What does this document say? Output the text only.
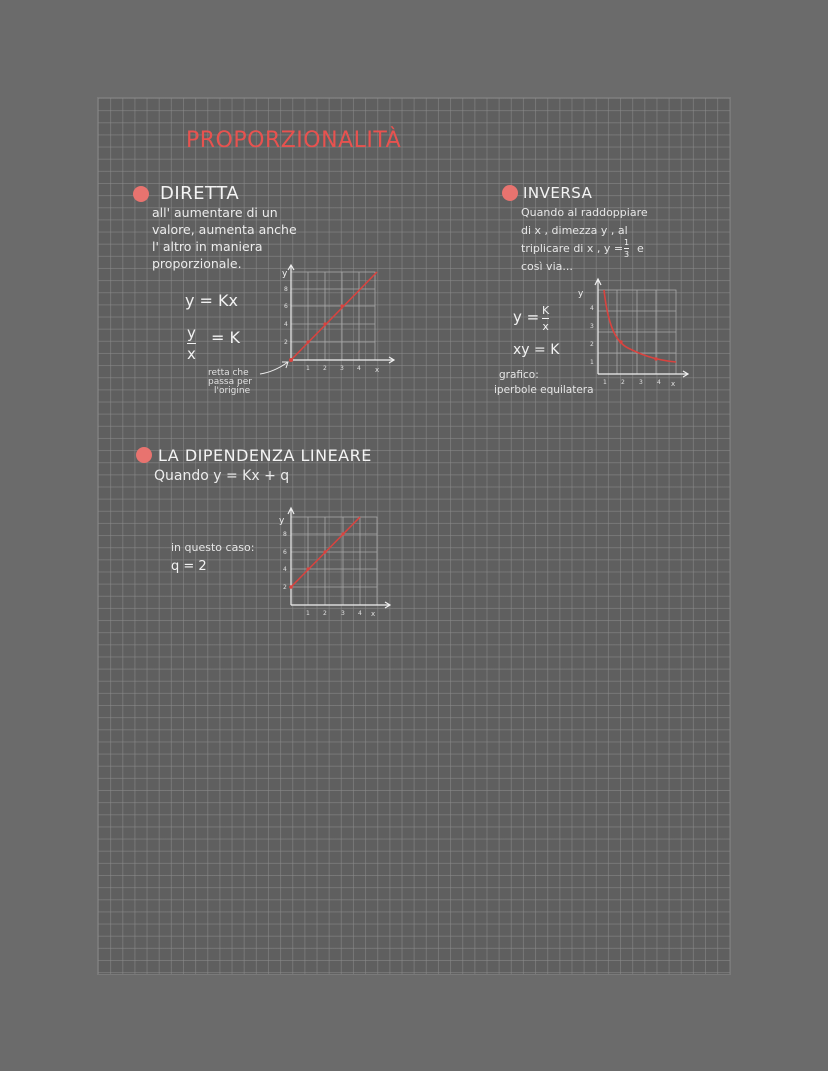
PROPORZIONALITÀ
DIRETTA
all' aumentare di un
valore, aumenta anche
l' altro in maniera
proporzionale.
y = Kx
y
x
= K
retta che
passa per
l'origine
y
x
1 2 3 4
2
4
6
8
INVERSA
Quando al raddoppiare
di x , dimezza y , al
triplicare di x , y = 1
3 e
così via...
y = K
x
xy = K
grafico:
iperbole equilatera
y
x
1 2 3 4
1
2
3
4
LA DIPENDENZA LINEARE
Quando y = Kx + q
in questo caso:
q = 2
y
x
1 2 3 4
2
4
6
8
